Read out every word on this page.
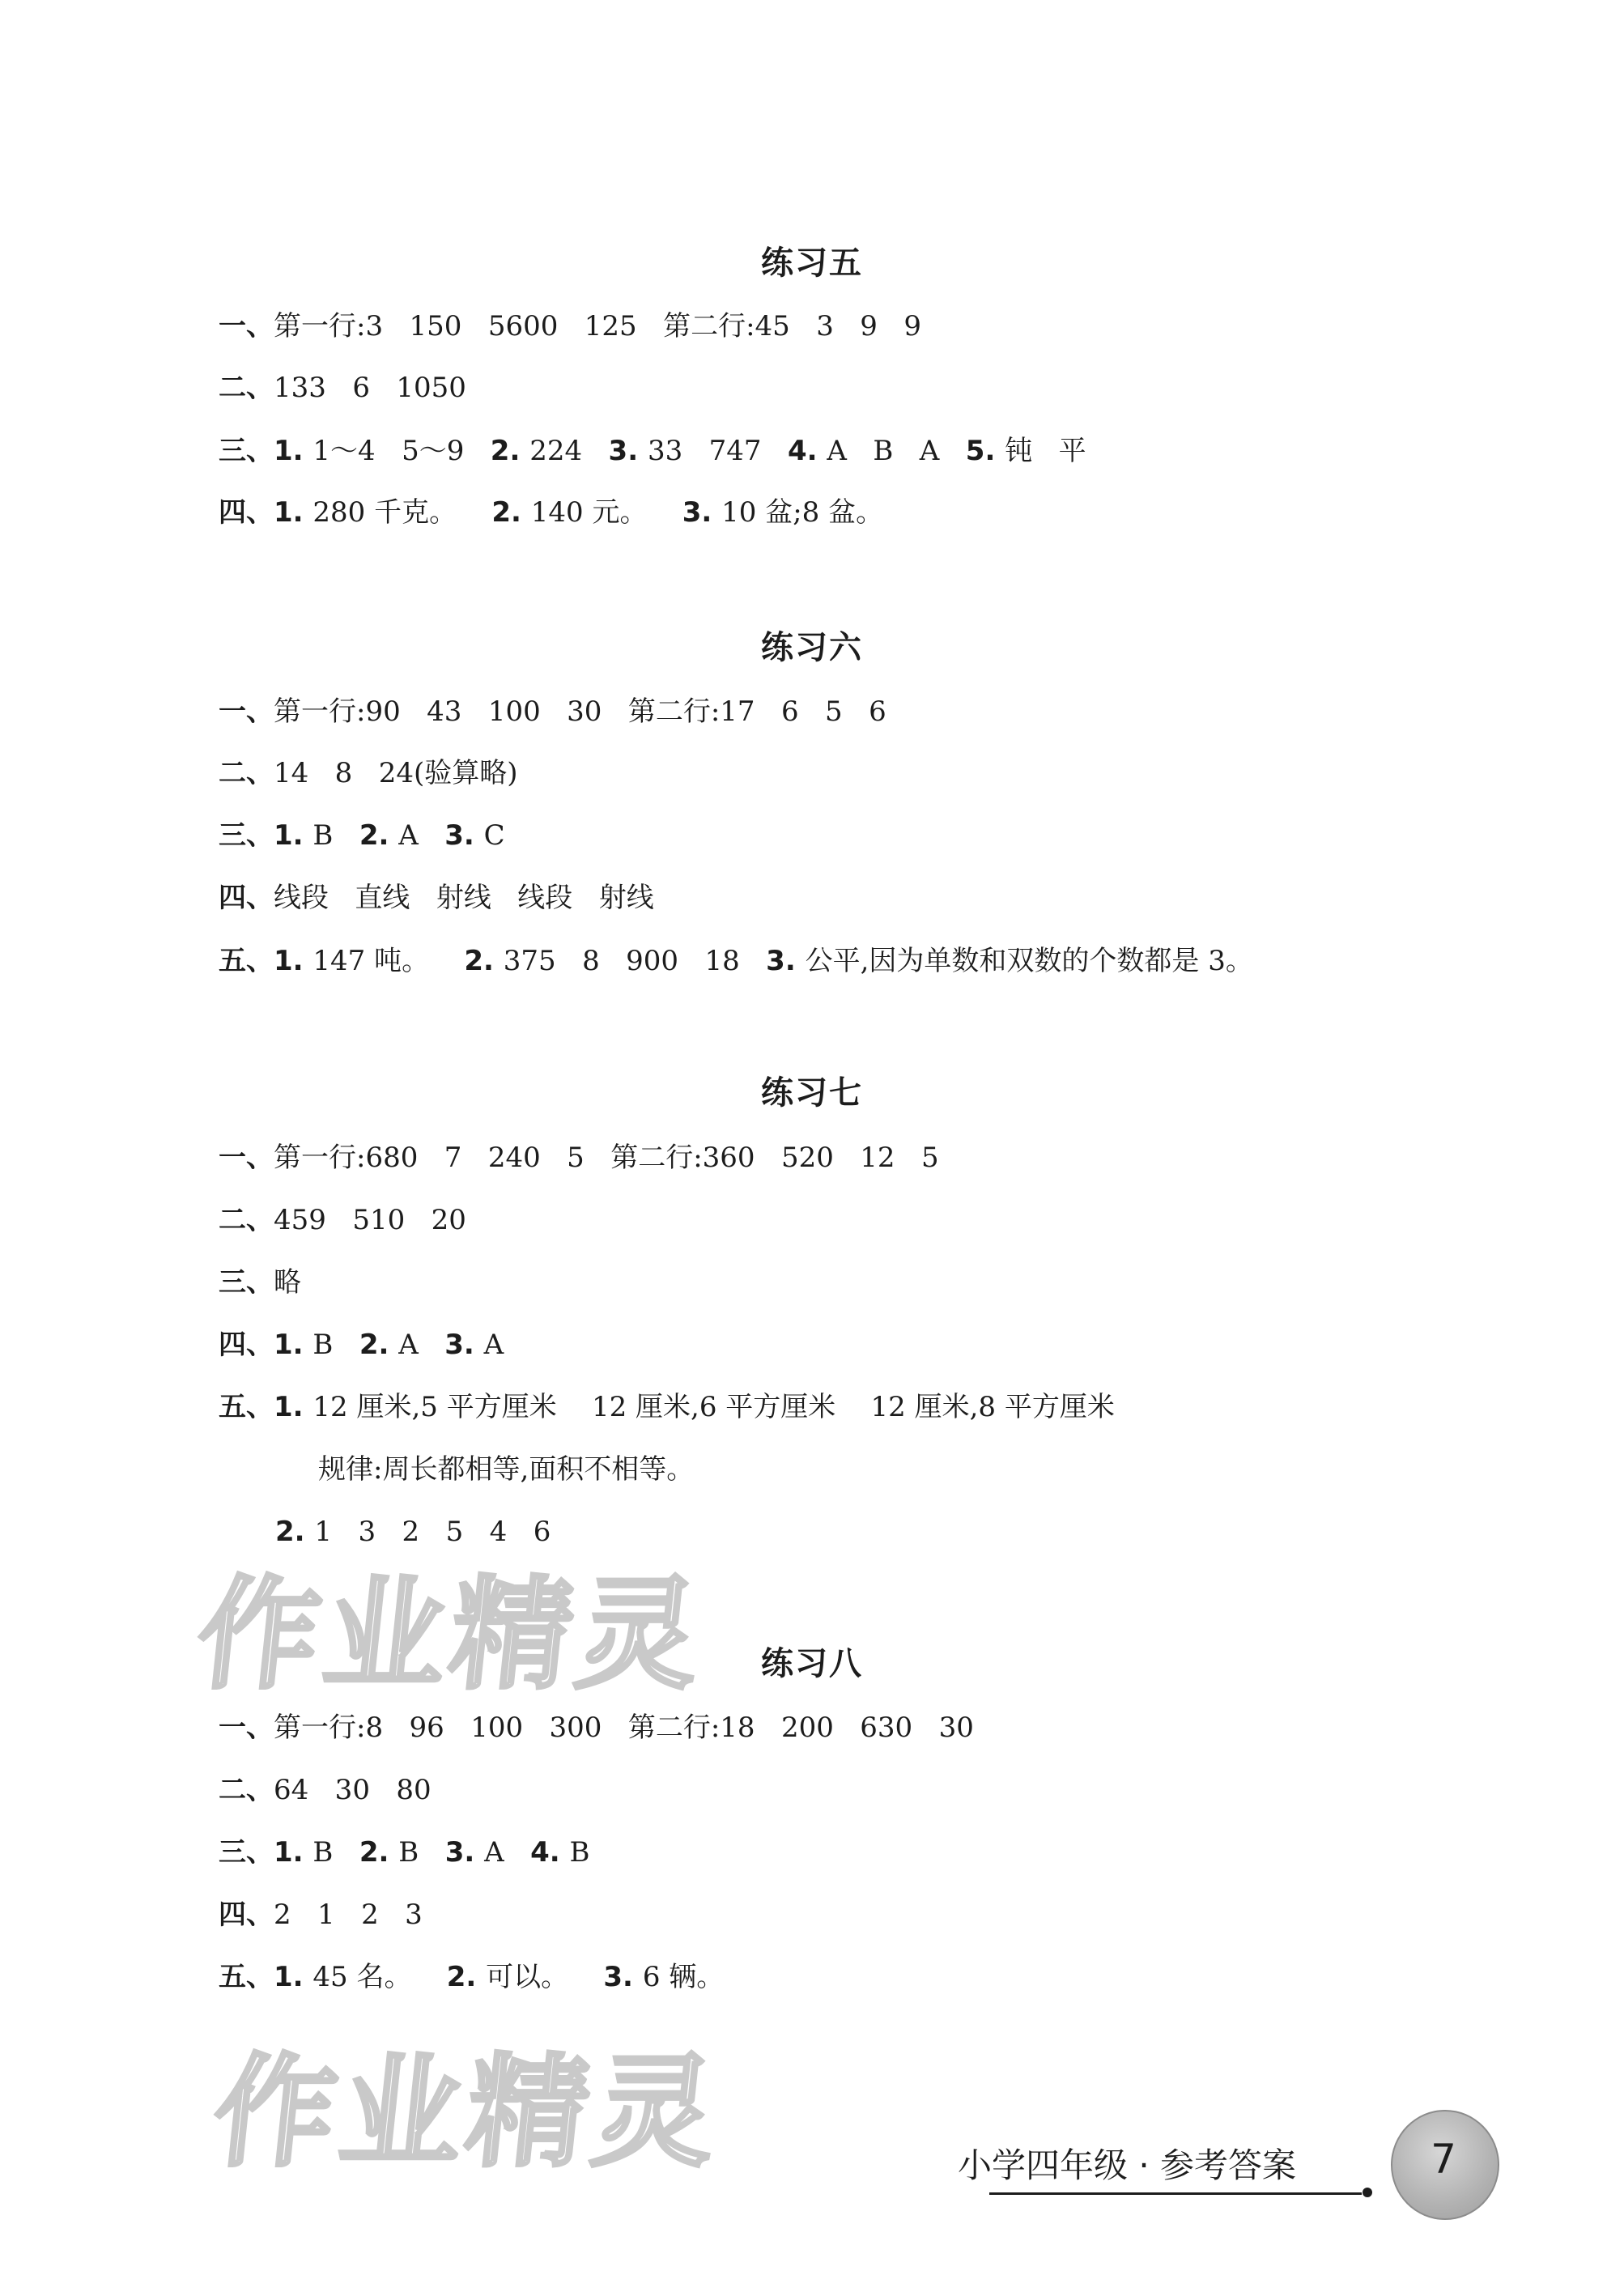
练习五
练习六
练习七
练习八
一、第一行:3   150   5600   125   第二行:45   3   9   9
二、133   6   1050
三、1. 1～4   5～9   2. 224   3. 33   747   4. A   B   A   5. 钝   平
四、1. 280 千克。    2. 140 元。    3. 10 盆;8 盆。
一、第一行:90   43   100   30   第二行:17   6   5   6
二、14   8   24(验算略)
三、1. B   2. A   3. C
四、线段   直线   射线   线段   射线
五、1. 147 吨。    2. 375   8   900   18   3. 公平,因为单数和双数的个数都是 3。
一、第一行:680   7   240   5   第二行:360   520   12   5
二、459   510   20
三、略
四、1. B   2. A   3. A
五、1. 12 厘米,5 平方厘米    12 厘米,6 平方厘米    12 厘米,8 平方厘米
规律:周长都相等,面积不相等。
2. 1   3   2   5   4   6
一、第一行:8   96   100   300   第二行:18   200   630   30
二、64   30   80
三、1. B   2. B   3. A   4. B
四、2   1   2   3
五、1. 45 名。    2. 可以。    3. 6 辆。
作业精灵
作业精灵	小学四年级 · 参考答案	7
